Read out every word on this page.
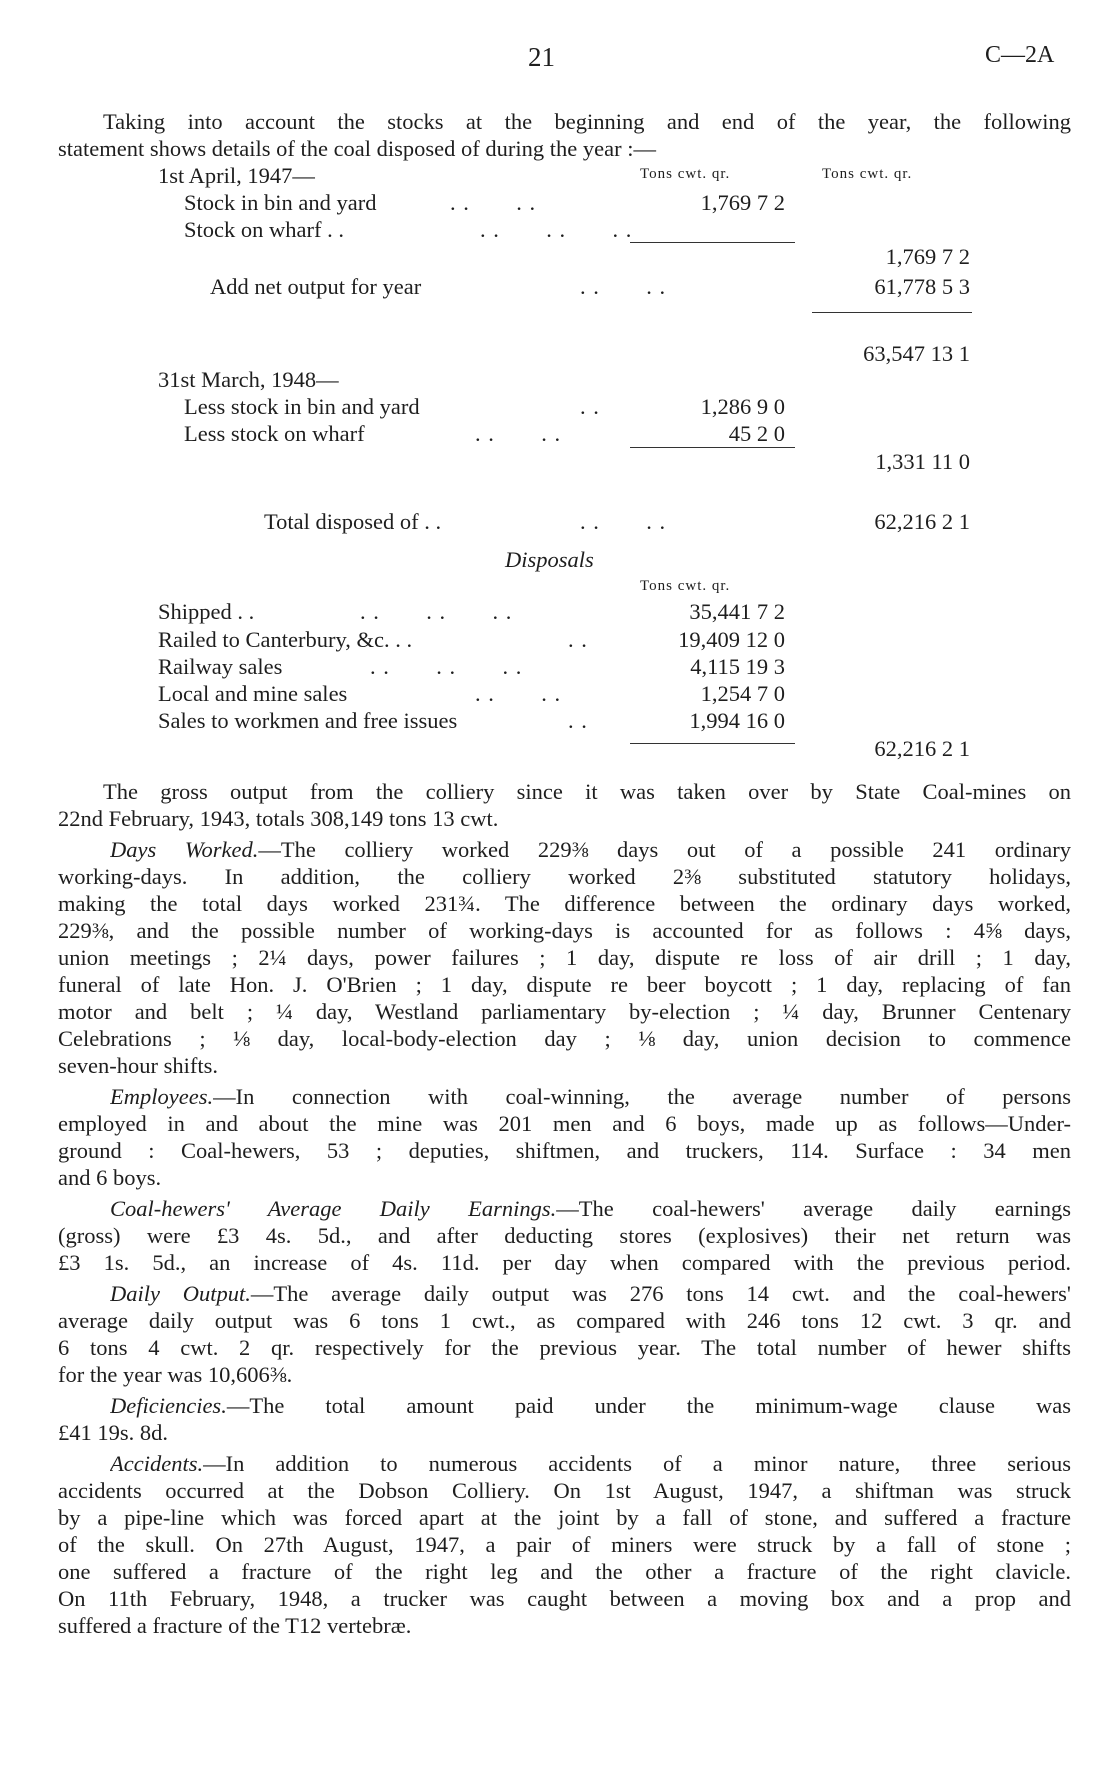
21	C—2A
Taking into account the stocks at the beginning and end of the year, the following
statement shows details of the coal disposed of during the year :—
1st April, 1947—	Tons cwt. qr.	Tons cwt. qr.
Stock in bin and yard	. .       . .	1,769 7 2
Stock on wharf . .	. .       . .       . .
1,769 7 2
Add net output for year	. .       . .	61,778 5 3
63,547 13 1
31st March, 1948—
Less stock in bin and yard	. .	1,286 9 0
Less stock on wharf	. .       . .	45 2 0
1,331 11 0
Total disposed of . .	. .       . .	62,216 2 1
Disposals
Tons cwt. qr.
Shipped . .	. .       . .       . .	35,441 7 2
Railed to Canterbury, &c. . .	. .	19,409 12 0
Railway sales	. .       . .       . .	4,115 19 3
Local and mine sales	. .       . .	1,254 7 0
Sales to workmen and free issues	. .	1,994 16 0
62,216 2 1
The gross output from the colliery since it was taken over by State Coal-mines on
22nd February, 1943, totals 308,149 tons 13 cwt.
Days Worked.—The colliery worked 229⅜ days out of a possible 241 ordinary
working-days. In addition, the colliery worked 2⅜ substituted statutory holidays,
making the total days worked 231¾. The difference between the ordinary days worked,
229⅜, and the possible number of working-days is accounted for as follows : 4⅝ days,
union meetings ; 2¼ days, power failures ; 1 day, dispute re loss of air drill ; 1 day,
funeral of late Hon. J. O'Brien ; 1 day, dispute re beer boycott ; 1 day, replacing of fan
motor and belt ; ¼ day, Westland parliamentary by-election ; ¼ day, Brunner Centenary
Celebrations ; ⅛ day, local-body-election day ; ⅛ day, union decision to commence
seven-hour shifts.
Employees.—In connection with coal-winning, the average number of persons
employed in and about the mine was 201 men and 6 boys, made up as follows—Under-
ground : Coal-hewers, 53 ; deputies, shiftmen, and truckers, 114. Surface : 34 men
and 6 boys.
Coal-hewers' Average Daily Earnings.—The coal-hewers' average daily earnings
(gross) were £3 4s. 5d., and after deducting stores (explosives) their net return was
£3 1s. 5d., an increase of 4s. 11d. per day when compared with the previous period.
Daily Output.—The average daily output was 276 tons 14 cwt. and the coal-hewers'
average daily output was 6 tons 1 cwt., as compared with 246 tons 12 cwt. 3 qr. and
6 tons 4 cwt. 2 qr. respectively for the previous year. The total number of hewer shifts
for the year was 10,606⅜.
Deficiencies.—The total amount paid under the minimum-wage clause was
£41 19s. 8d.
Accidents.—In addition to numerous accidents of a minor nature, three serious
accidents occurred at the Dobson Colliery. On 1st August, 1947, a shiftman was struck
by a pipe-line which was forced apart at the joint by a fall of stone, and suffered a fracture
of the skull. On 27th August, 1947, a pair of miners were struck by a fall of stone ;
one suffered a fracture of the right leg and the other a fracture of the right clavicle.
On 11th February, 1948, a trucker was caught between a moving box and a prop and
suffered a fracture of the T12 vertebræ.
